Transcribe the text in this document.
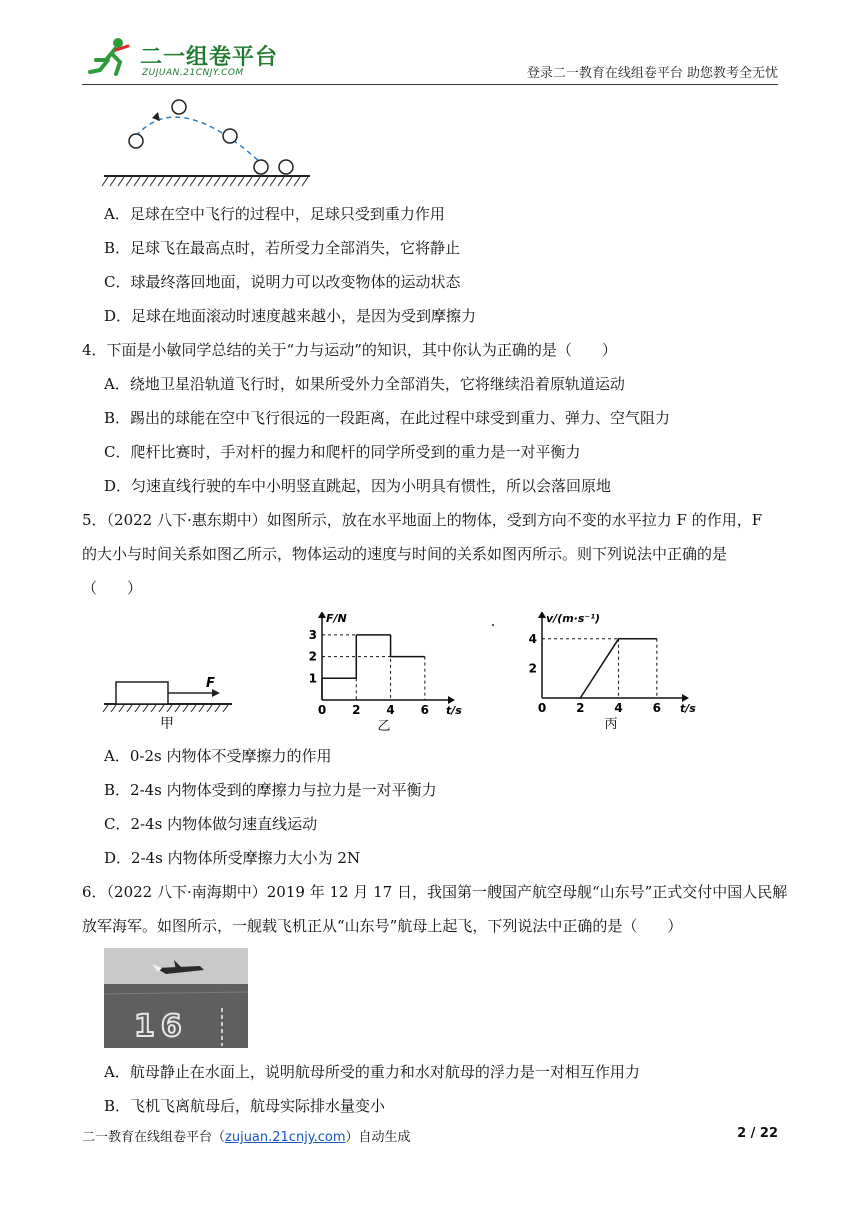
二一组卷平台
ZUJUAN.21CNJY.COM	登录二一教育在线组卷平台 助您教考全无忧
A．足球在空中飞行的过程中，足球只受到重力作用
B．足球飞在最高点时，若所受力全部消失，它将静止
C．球最终落回地面，说明力可以改变物体的运动状态
D．足球在地面滚动时速度越来越小，是因为受到摩擦力
4．下面是小敏同学总结的关于“力与运动”的知识，其中你认为正确的是（　　）
A．绕地卫星沿轨道飞行时，如果所受外力全部消失，它将继续沿着原轨道运动
B．踢出的球能在空中飞行很远的一段距离，在此过程中球受到重力、弹力、空气阻力
C．爬杆比赛时，手对杆的握力和爬杆的同学所受到的重力是一对平衡力
D．匀速直线行驶的车中小明竖直跳起，因为小明具有惯性，所以会落回原地
5．（2022 八下·惠东期中）如图所示，放在水平地面上的物体，受到方向不变的水平拉力 F 的作用，F
的大小与时间关系如图乙所示，物体运动的速度与时间的关系如图丙所示。则下列说法中正确的是
（　　）
F
甲
0 2 4 6
1
2
3
t/s
F/N
乙
0 2 4 6
2
4
t/s
v/(m·s⁻¹)
丙
A．0-2s 内物体不受摩擦力的作用
B．2-4s 内物体受到的摩擦力与拉力是一对平衡力
C．2-4s 内物体做匀速直线运动
D．2-4s 内物体所受摩擦力大小为 2N
6．（2022 八下·南海期中）2019 年 12 月 17 日，我国第一艘国产航空母舰“山东号”正式交付中国人民解
放军海军。如图所示，一舰载飞机正从“山东号”航母上起飞，下列说法中正确的是（　　）
16
A．航母静止在水面上，说明航母所受的重力和水对航母的浮力是一对相互作用力
B．飞机飞离航母后，航母实际排水量变小
二一教育在线组卷平台（zujuan.21cnjy.com）自动生成	2 / 22
